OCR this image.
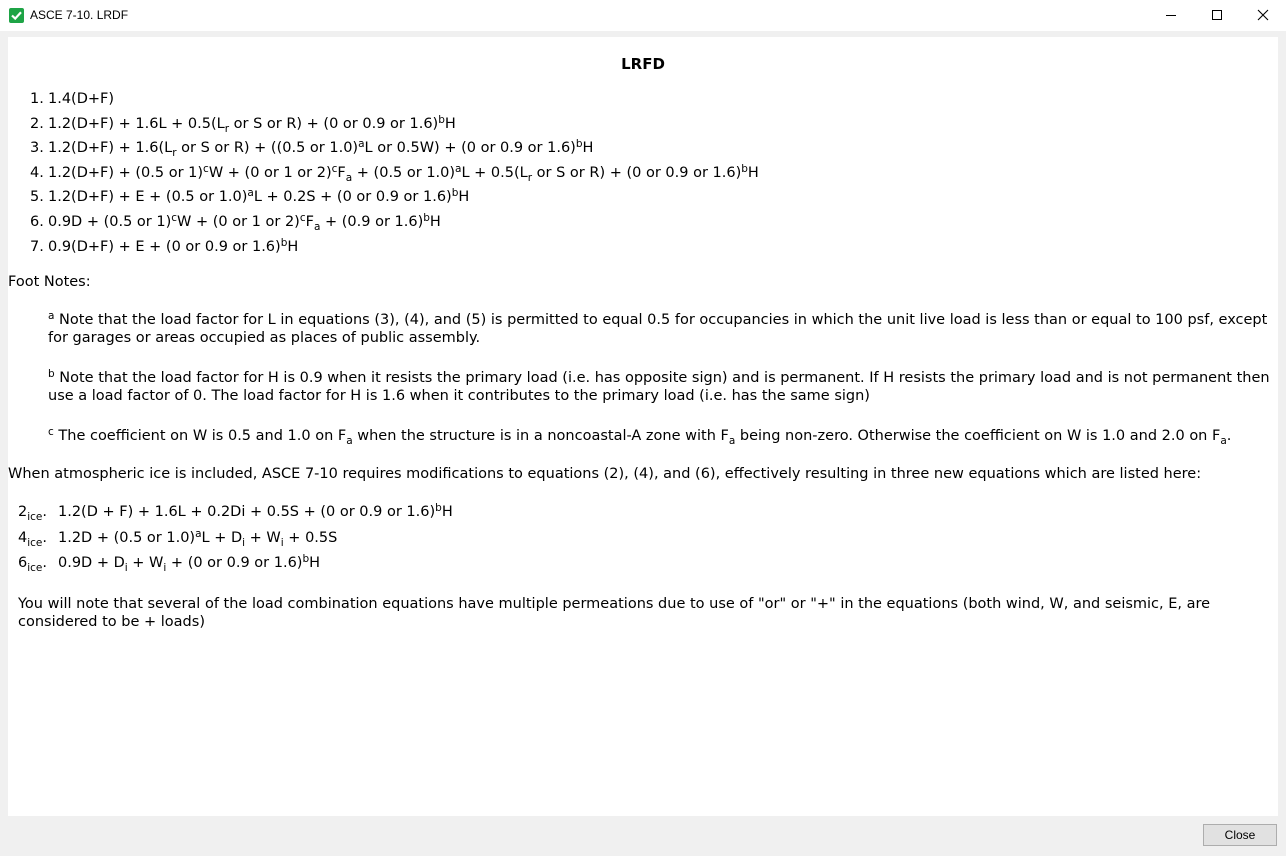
ASCE 7-10. LRDF
LRFD
1. 1.4(D+F)
2. $1.2(D+F) + 1.6L + 0.5(L_r$ or S or R) + (0 or 0.9 or 1.6)$^b$H
3. $1.2(D+F) + 1.6(L_r$ or S or R) + ((0.5 or 1.0)$^a$L or 0.5W) + (0 or 0.9 or 1.6)$^b$H
4. 1.2(D+F) + (0.5 or 1)$^c$W + (0 or 1 or $2)^cF_a + (0.5$ or $1.0)^aL + 0.5(L_r$ or S or R) + (0 or 0.9 or 1.6)$^b$H
5. 1.2(D+F) + E + (0.5 or 1.0)$^a$L + 0.2S + (0 or 0.9 or 1.6)$^b$H
6. 0.9D + (0.5 or 1)$^c$W + (0 or 1 or $2)^cF_a + (0.9$ or 1.6)$^b$H
7. 0.9(D+F) + E + (0 or 0.9 or 1.6)$^b$H
Foot Notes:
$^a$ Note that the load factor for L in equations (3), (4), and (5) is permitted to equal 0.5 for occupancies in which the unit live load is less than or equal to 100 psf, except for garages or areas occupied as places of public assembly.
$^b$ Note that the load factor for H is 0.9 when it resists the primary load (i.e. has opposite sign) and is permanent. If H resists the primary load and is not permanent then use a load factor of 0. The load factor for H is 1.6 when it contributes to the primary load (i.e. has the same sign)
$^c$ The coefficient on W is 0.5 and 1.0 on $F_a$ when the structure is in a noncoastal-A zone with $F_a$ being non-zero. Otherwise the coefficient on W is 1.0 and 2.0 on $F_a$.
When atmospheric ice is included, ASCE 7-10 requires modifications to equations (2), (4), and (6), effectively resulting in three new equations which are listed here:
$2_{ice}$. 1.2(D + F) + 1.6L + 0.2Di + 0.5S + (0 or 0.9 or 1.6)$^b$H
$4_{ice}$. 1.2D + (0.5 or $1.0)^aL + D_i + W_i + 0.5S$
$6_{ice}$. $0.9D + D_i + W_i + (0$ or 0.9 or 1.6)$^b$H
You will note that several of the load combination equations have multiple permeations due to use of "or" or "+" in the equations (both wind, W, and seismic, E, are considered to be + loads)
Close
